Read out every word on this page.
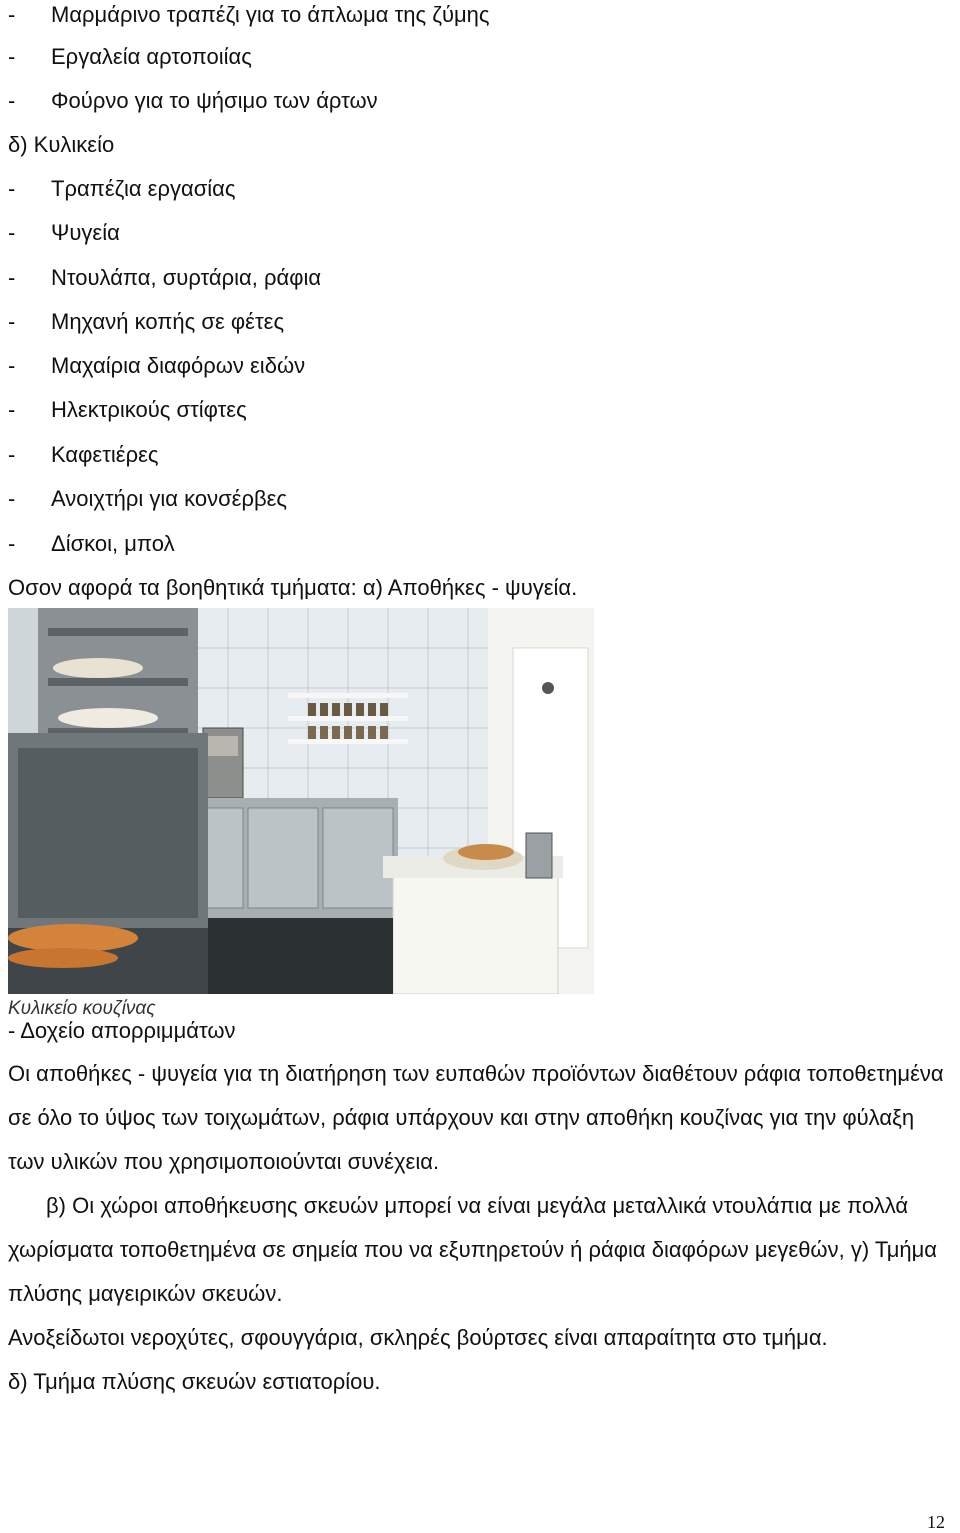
- Μαρμάρινο τραπέζι για το άπλωμα της ζύμης
- Εργαλεία αρτοποιίας
- Φούρνο για το ψήσιμο των άρτων
δ) Κυλικείο
- Τραπέζια εργασίας
- Ψυγεία
- Ντουλάπα, συρτάρια, ράφια
- Μηχανή κοπής σε φέτες
- Μαχαίρια διαφόρων ειδών
- Ηλεκτρικούς στίφτες
- Καφετιέρες
- Ανοιχτήρι για κονσέρβες
- Δίσκοι, μπολ
Οσον αφορά τα βοηθητικά τμήματα: α) Αποθήκες - ψυγεία.
Κυλικείο κουζίνας
- Δοχείο απορριμμάτων
Οι αποθήκες - ψυγεία για τη διατήρηση των ευπαθών προϊόντων διαθέτουν ράφια τοποθετημένα σε όλο το ύψος των τοιχωμάτων, ράφια υπάρχουν και στην αποθήκη κουζίνας για την φύλαξη των υλικών που χρησιμοποιούνται συνέχεια.
β) Οι χώροι αποθήκευσης σκευών μπορεί να είναι μεγάλα μεταλλικά ντουλάπια με πολλά χωρίσματα τοποθετημένα σε σημεία που να εξυπηρετούν ή ράφια διαφόρων μεγεθών, γ) Τμήμα πλύσης μαγειρικών σκευών.
Ανοξείδωτοι νεροχύτες, σφουγγάρια, σκληρές βούρτσες είναι απαραίτητα στο τμήμα.
δ) Τμήμα πλύσης σκευών εστιατορίου.
12
